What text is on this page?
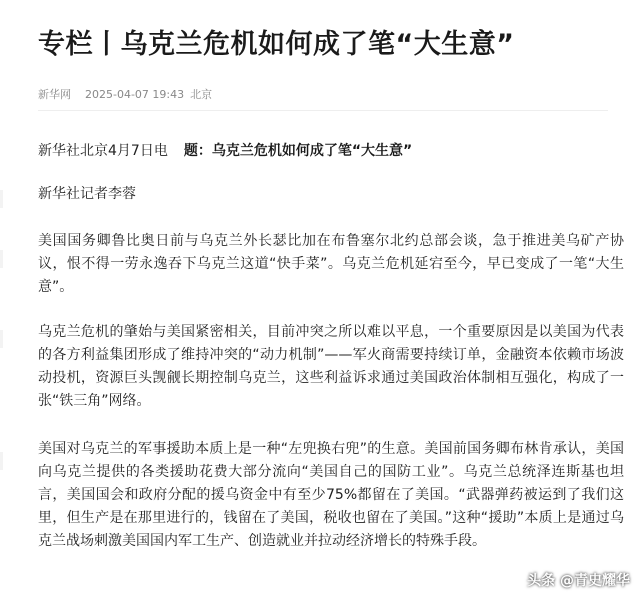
专栏丨乌克兰危机如何成了笔“大生意”
新华网 2025-04-07 19:43 北京
新华社北京4月7日电 题：乌克兰危机如何成了笔“大生意”
新华社记者李蓉

美国国务卿鲁比奥日前与乌克兰外长瑟比加在布鲁塞尔北约总部会谈，急于推进美乌矿产协议，恨不得一劳永逸吞下乌克兰这道“快手菜”。乌克兰危机延宕至今，早已变成了一笔“大生意”。

乌克兰危机的肇始与美国紧密相关，目前冲突之所以难以平息，一个重要原因是以美国为代表的各方利益集团形成了维持冲突的“动力机制”——军火商需要持续订单，金融资本依赖市场波动投机，资源巨头觊觎长期控制乌克兰，这些利益诉求通过美国政治体制相互强化，构成了一张“铁三角”网络。

美国对乌克兰的军事援助本质上是一种“左兜换右兜”的生意。美国前国务卿布林肯承认，美国向乌克兰提供的各类援助花费大部分流向“美国自己的国防工业”。乌克兰总统泽连斯基也坦言，美国国会和政府分配的援乌资金中有至少75%都留在了美国。“武器弹药被运到了我们这里，但生产是在那里进行的，钱留在了美国，税收也留在了美国。”这种“援助”本质上是通过乌克兰战场刺激美国国内军工生产、创造就业并拉动经济增长的特殊手段。

头条 @青史耀华
